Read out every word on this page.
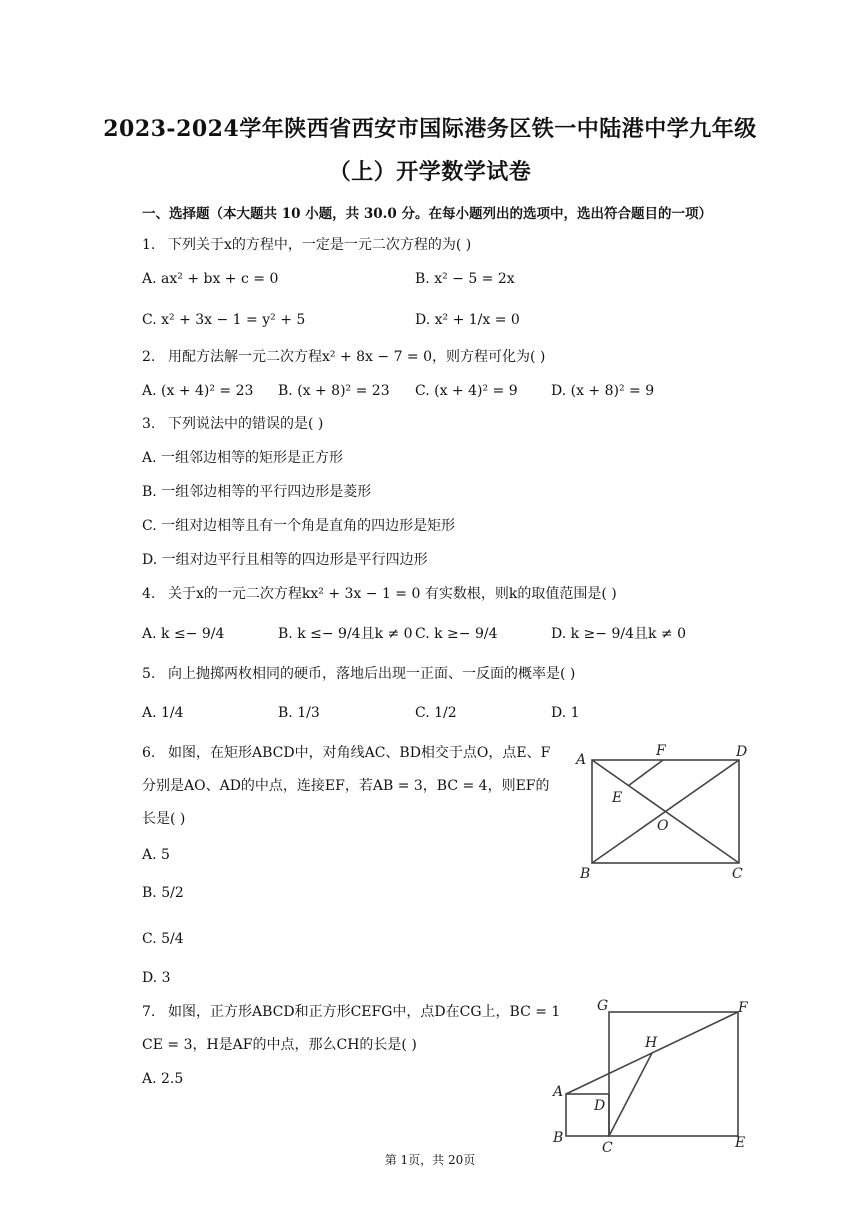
2023-2024学年陕西省西安市国际港务区铁一中陆港中学九年级
（上）开学数学试卷
一、选择题（本大题共 10 小题，共 30.0 分。在每小题列出的选项中，选出符合题目的一项）
1. 下列关于x的方程中，一定是一元二次方程的为( )
A. ax² + bx + c = 0	B. x² − 5 = 2x
C. x² + 3x − 1 = y² + 5	D. x² + 1/x = 0
2. 用配方法解一元二次方程x² + 8x − 7 = 0，则方程可化为( )
A. (x + 4)² = 23 B. (x + 8)² = 23 C. (x + 4)² = 9 D. (x + 8)² = 9
3. 下列说法中的错误的是( )
A. 一组邻边相等的矩形是正方形
B. 一组邻边相等的平行四边形是菱形
C. 一组对边相等且有一个角是直角的四边形是矩形
D. 一组对边平行且相等的四边形是平行四边形
4. 关于x的一元二次方程kx² + 3x − 1 = 0 有实数根，则k的取值范围是( )
A. k ≤− 9/4	B. k ≤− 9/4且k ≠ 0 C. k ≥− 9/4	D. k ≥− 9/4且k ≠ 0
5. 向上抛掷两枚相同的硬币，落地后出现一正面、一反面的概率是( )
A. 1/4	B. 1/3	C. 1/2	D. 1
6. 如图，在矩形ABCD中，对角线AC、BD相交于点O，点E、F
分别是AO、AD的中点，连接EF，若AB = 3，BC = 4，则EF的
长是( )
A. 5
B. 5/2
C. 5/4
D. 3
A
F	D
E
O
B	C
7. 如图，正方形ABCD和正方形CEFG中，点D在CG上，BC = 1
CE = 3，H是AF的中点，那么CH的长是( )
A. 2.5
G	F
H
A
D
B
C	E
第 1页，共 20页
